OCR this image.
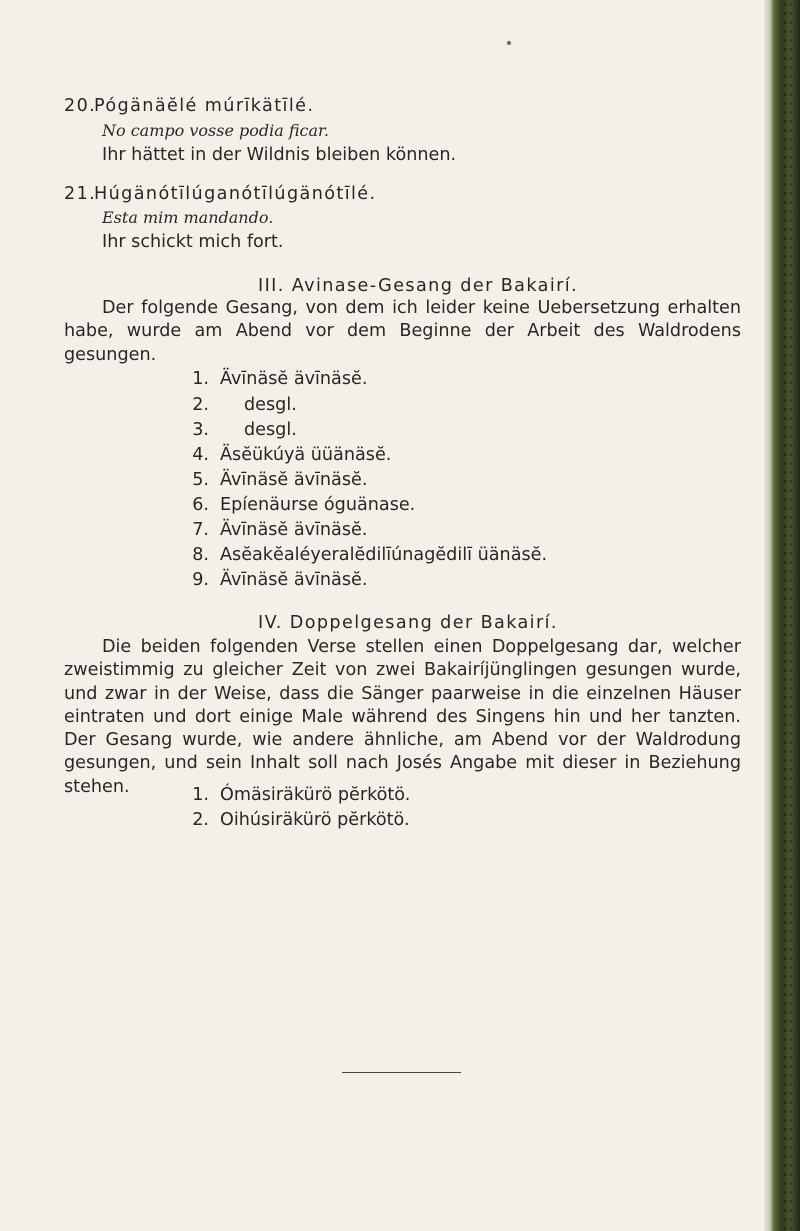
20.Pógänäĕlé múrīkätīlé.
No campo vosse podia ficar.
Ihr hättet in der Wildnis bleiben können.
21.Húgänótīlúganótīlúgänótīlé.
Esta mim mandando.
Ihr schickt mich fort.
III. Avinase-Gesang der Bakairí.
Der folgende Gesang, von dem ich leider keine Uebersetzung erhalten habe, wurde am Abend vor dem Beginne der Arbeit des Waldrodens gesungen.
1. Ävīnäsĕ ävīnäsĕ.
2. desgl.
3. desgl.
4. Äsĕükúyä üüänäsĕ.
5. Ävīnäsĕ ävīnäsĕ.
6. Epíenäurse óguänase.
7. Ävīnäsĕ ävīnäsĕ.
8. Asĕakĕaléyeralĕdilīúnagĕdilī üänäsĕ.
9. Ävīnäsĕ ävīnäsĕ.
IV. Doppelgesang der Bakairí.
Die beiden folgenden Verse stellen einen Doppelgesang dar, welcher zweistimmig zu gleicher Zeit von zwei Bakairíjünglingen gesungen wurde, und zwar in der Weise, dass die Sänger paarweise in die einzelnen Häuser eintraten und dort einige Male während des Singens hin und her tanzten. Der Gesang wurde, wie andere ähnliche, am Abend vor der Waldrodung gesungen, und sein Inhalt soll nach Josés Angabe mit dieser in Beziehung stehen.	1. Ómäsiräkürö pĕrkötö.
2. Oihúsiräkürö pĕrkötö.
